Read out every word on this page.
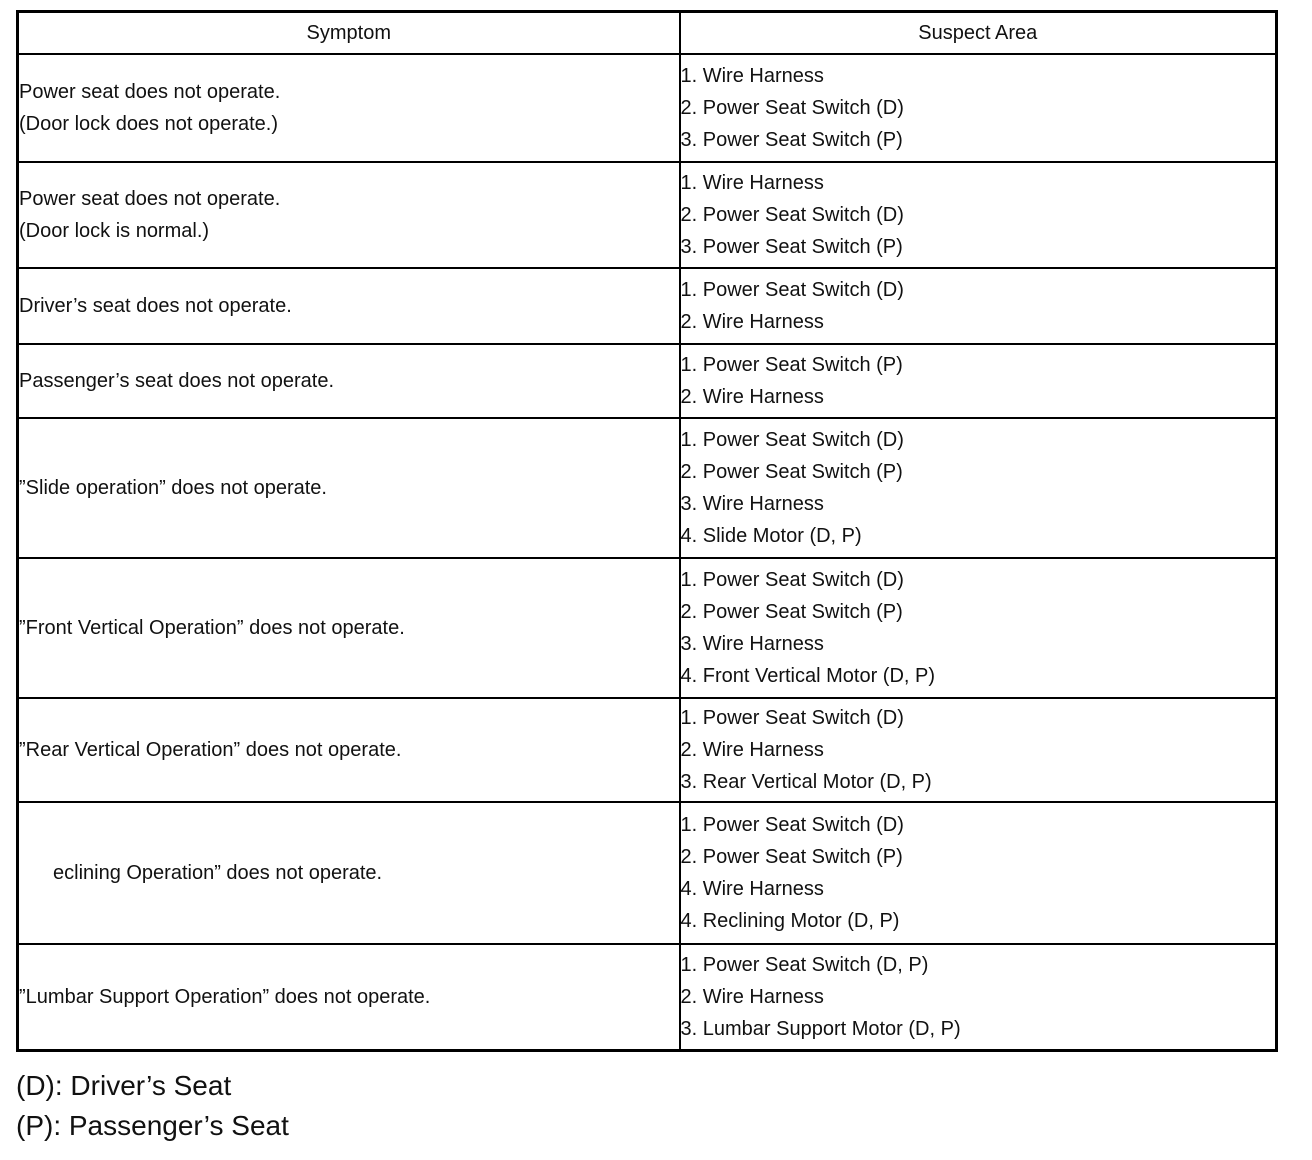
Symptom	Suspect Area

Power seat does not operate.
(Door lock does not operate.)	1. Wire Harness
2. Power Seat Switch (D)
3. Power Seat Switch (P)

Power seat does not operate.
(Door lock is normal.)	1. Wire Harness
2. Power Seat Switch (D)
3. Power Seat Switch (P)

Driver’s seat does not operate.	1. Power Seat Switch (D)
2. Wire Harness

Passenger’s seat does not operate.	1. Power Seat Switch (P)
2. Wire Harness

”Slide operation” does not operate.	1. Power Seat Switch (D)
2. Power Seat Switch (P)
3. Wire Harness
4. Slide Motor (D, P)

”Front Vertical Operation” does not operate.	1. Power Seat Switch (D)
2. Power Seat Switch (P)
3. Wire Harness
4. Front Vertical Motor (D, P)

”Rear Vertical Operation” does not operate.	1. Power Seat Switch (D)
2. Wire Harness
3. Rear Vertical Motor (D, P)

eclining Operation” does not operate.	1. Power Seat Switch (D)
2. Power Seat Switch (P)
4. Wire Harness
4. Reclining Motor (D, P)

”Lumbar Support Operation” does not operate.	1. Power Seat Switch (D, P)
2. Wire Harness
3. Lumbar Support Motor (D, P)
(D): Driver’s Seat
(P): Passenger’s Seat
